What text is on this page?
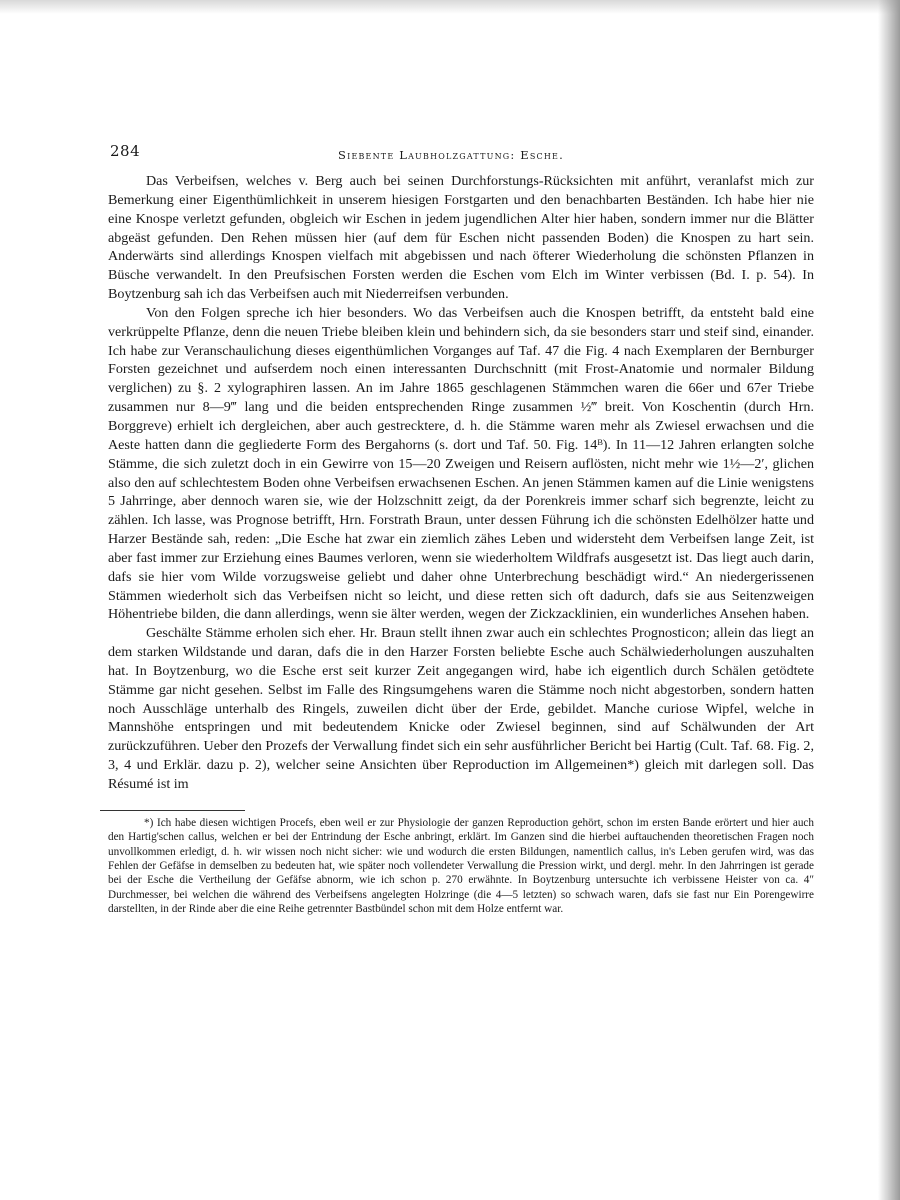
284	Siebente Laubholzgattung: Esche.

Das Verbeifsen, welches v. Berg auch bei seinen Durchforstungs-Rücksichten mit anführt, veranlafst mich zur Bemerkung einer Eigenthümlichkeit in unserem hiesigen Forstgarten und den benachbarten Beständen. Ich habe hier nie eine Knospe verletzt gefunden, obgleich wir Eschen in jedem jugendlichen Alter hier haben, sondern immer nur die Blätter abgeäst gefunden. Den Rehen müssen hier (auf dem für Eschen nicht passenden Boden) die Knospen zu hart sein. Anderwärts sind allerdings Knospen vielfach mit abgebissen und nach öfterer Wiederholung die schönsten Pflanzen in Büsche verwandelt. In den Preufsischen Forsten werden die Eschen vom Elch im Winter verbissen (Bd. I. p. 54). In Boytzenburg sah ich das Verbeifsen auch mit Niederreifsen verbunden.

Von den Folgen spreche ich hier besonders. Wo das Verbeifsen auch die Knospen betrifft, da entsteht bald eine verkrüppelte Pflanze, denn die neuen Triebe bleiben klein und behindern sich, da sie besonders starr und steif sind, einander. Ich habe zur Veranschaulichung dieses eigenthümlichen Vorganges auf Taf. 47 die Fig. 4 nach Exemplaren der Bernburger Forsten gezeichnet und aufserdem noch einen interessanten Durchschnitt (mit Frost-Anatomie und normaler Bildung verglichen) zu §. 2 xylographiren lassen. An im Jahre 1865 geschlagenen Stämmchen waren die 66er und 67er Triebe zusammen nur 8—9‴ lang und die beiden entsprechenden Ringe zusammen ½‴ breit. Von Koschentin (durch Hrn. Borggreve) erhielt ich dergleichen, aber auch gestrecktere, d. h. die Stämme waren mehr als Zwiesel erwachsen und die Aeste hatten dann die gegliederte Form des Bergahorns (s. dort und Taf. 50. Fig. 14ᴮ). In 11—12 Jahren erlangten solche Stämme, die sich zuletzt doch in ein Gewirre von 15—20 Zweigen und Reisern auflösten, nicht mehr wie 1½—2′, glichen also den auf schlechtestem Boden ohne Verbeifsen erwachsenen Eschen. An jenen Stämmen kamen auf die Linie wenigstens 5 Jahrringe, aber dennoch waren sie, wie der Holzschnitt zeigt, da der Porenkreis immer scharf sich begrenzte, leicht zu zählen. Ich lasse, was Prognose betrifft, Hrn. Forstrath Braun, unter dessen Führung ich die schönsten Edelhölzer hatte und Harzer Bestände sah, reden: „Die Esche hat zwar ein ziemlich zähes Leben und widersteht dem Verbeifsen lange Zeit, ist aber fast immer zur Erziehung eines Baumes verloren, wenn sie wiederholtem Wildfrafs ausgesetzt ist. Das liegt auch darin, dafs sie hier vom Wilde vorzugsweise geliebt und daher ohne Unterbrechung beschädigt wird.“ An niedergerissenen Stämmen wiederholt sich das Verbeifsen nicht so leicht, und diese retten sich oft dadurch, dafs sie aus Seitenzweigen Höhentriebe bilden, die dann allerdings, wenn sie älter werden, wegen der Zickzacklinien, ein wunderliches Ansehen haben.

Geschälte Stämme erholen sich eher. Hr. Braun stellt ihnen zwar auch ein schlechtes Prognosticon; allein das liegt an dem starken Wildstande und daran, dafs die in den Harzer Forsten beliebte Esche auch Schälwiederholungen auszuhalten hat. In Boytzenburg, wo die Esche erst seit kurzer Zeit angegangen wird, habe ich eigentlich durch Schälen getödtete Stämme gar nicht gesehen. Selbst im Falle des Ringsumgehens waren die Stämme noch nicht abgestorben, sondern hatten noch Ausschläge unterhalb des Ringels, zuweilen dicht über der Erde, gebildet. Manche curiose Wipfel, welche in Mannshöhe entspringen und mit bedeutendem Knicke oder Zwiesel beginnen, sind auf Schälwunden der Art zurückzuführen. Ueber den Prozefs der Verwallung findet sich ein sehr ausführlicher Bericht bei Hartig (Cult. Taf. 68. Fig. 2, 3, 4 und Erklär. dazu p. 2), welcher seine Ansichten über Reproduction im Allgemeinen*) gleich mit darlegen soll. Das Résumé ist im

*) Ich habe diesen wichtigen Procefs, eben weil er zur Physiologie der ganzen Reproduction gehört, schon im ersten Bande erörtert und hier auch den Hartig'schen callus, welchen er bei der Entrindung der Esche anbringt, erklärt. Im Ganzen sind die hierbei auftauchenden theoretischen Fragen noch unvollkommen erledigt, d. h. wir wissen noch nicht sicher: wie und wodurch die ersten Bildungen, namentlich callus, in's Leben gerufen wird, was das Fehlen der Gefäfse in demselben zu bedeuten hat, wie später noch vollendeter Verwallung die Pression wirkt, und dergl. mehr. In den Jahrringen ist gerade bei der Esche die Vertheilung der Gefäfse abnorm, wie ich schon p. 270 erwähnte. In Boytzenburg untersuchte ich verbissene Heister von ca. 4″ Durchmesser, bei welchen die während des Verbeifsens angelegten Holzringe (die 4—5 letzten) so schwach waren, dafs sie fast nur Ein Porengewirre darstellten, in der Rinde aber die eine Reihe getrennter Bastbündel schon mit dem Holze entfernt war.
